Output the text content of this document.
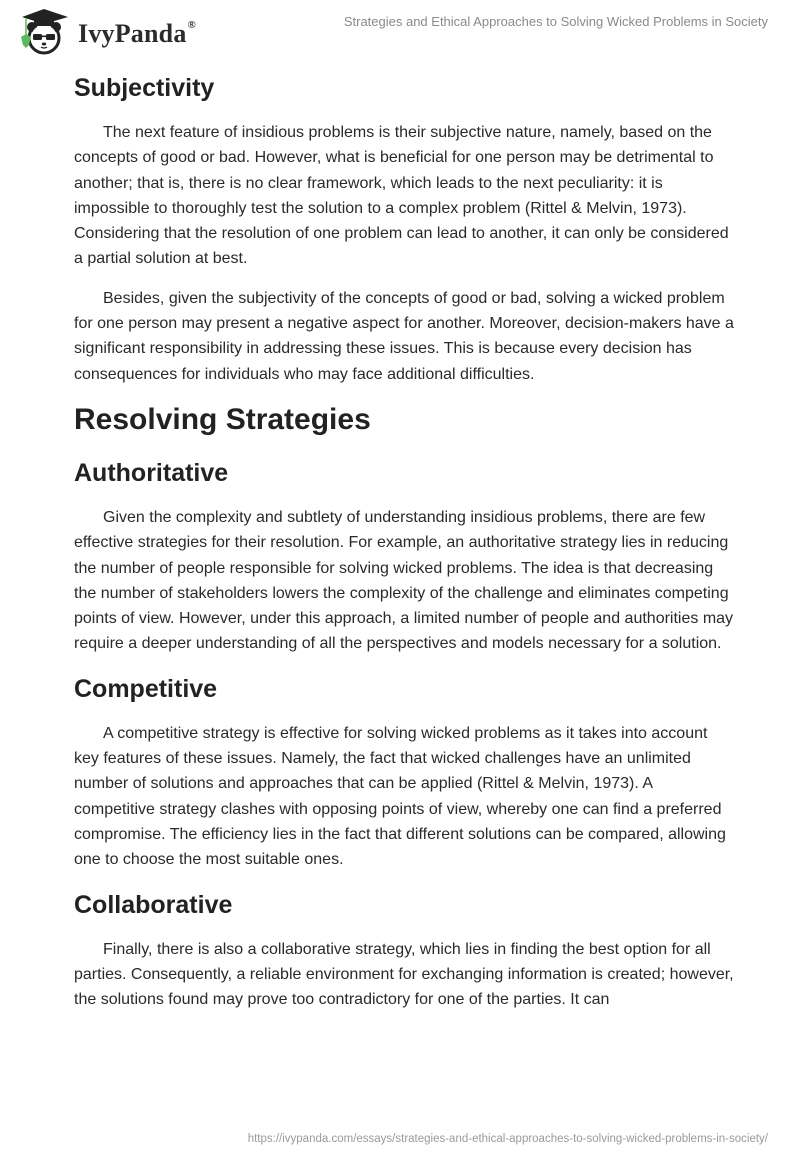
IvyPanda®	Strategies and Ethical Approaches to Solving Wicked Problems in Society
Subjectivity

The next feature of insidious problems is their subjective nature, namely, based on the concepts of good or bad. However, what is beneficial for one person may be detrimental to another; that is, there is no clear framework, which leads to the next peculiarity: it is impossible to thoroughly test the solution to a complex problem (Rittel & Melvin, 1973). Considering that the resolution of one problem can lead to another, it can only be considered a partial solution at best.

Besides, given the subjectivity of the concepts of good or bad, solving a wicked problem for one person may present a negative aspect for another. Moreover, decision-makers have a significant responsibility in addressing these issues. This is because every decision has consequences for individuals who may face additional difficulties.

Resolving Strategies
Authoritative

Given the complexity and subtlety of understanding insidious problems, there are few effective strategies for their resolution. For example, an authoritative strategy lies in reducing the number of people responsible for solving wicked problems. The idea is that decreasing the number of stakeholders lowers the complexity of the challenge and eliminates competing points of view. However, under this approach, a limited number of people and authorities may require a deeper understanding of all the perspectives and models necessary for a solution.

Competitive

A competitive strategy is effective for solving wicked problems as it takes into account key features of these issues. Namely, the fact that wicked challenges have an unlimited number of solutions and approaches that can be applied (Rittel & Melvin, 1973). A competitive strategy clashes with opposing points of view, whereby one can find a preferred compromise. The efficiency lies in the fact that different solutions can be compared, allowing one to choose the most suitable ones.

Collaborative

Finally, there is also a collaborative strategy, which lies in finding the best option for all parties. Consequently, a reliable environment for exchanging information is created; however, the solutions found may prove too contradictory for one of the parties. It can

https://ivypanda.com/essays/strategies-and-ethical-approaches-to-solving-wicked-problems-in-society/
